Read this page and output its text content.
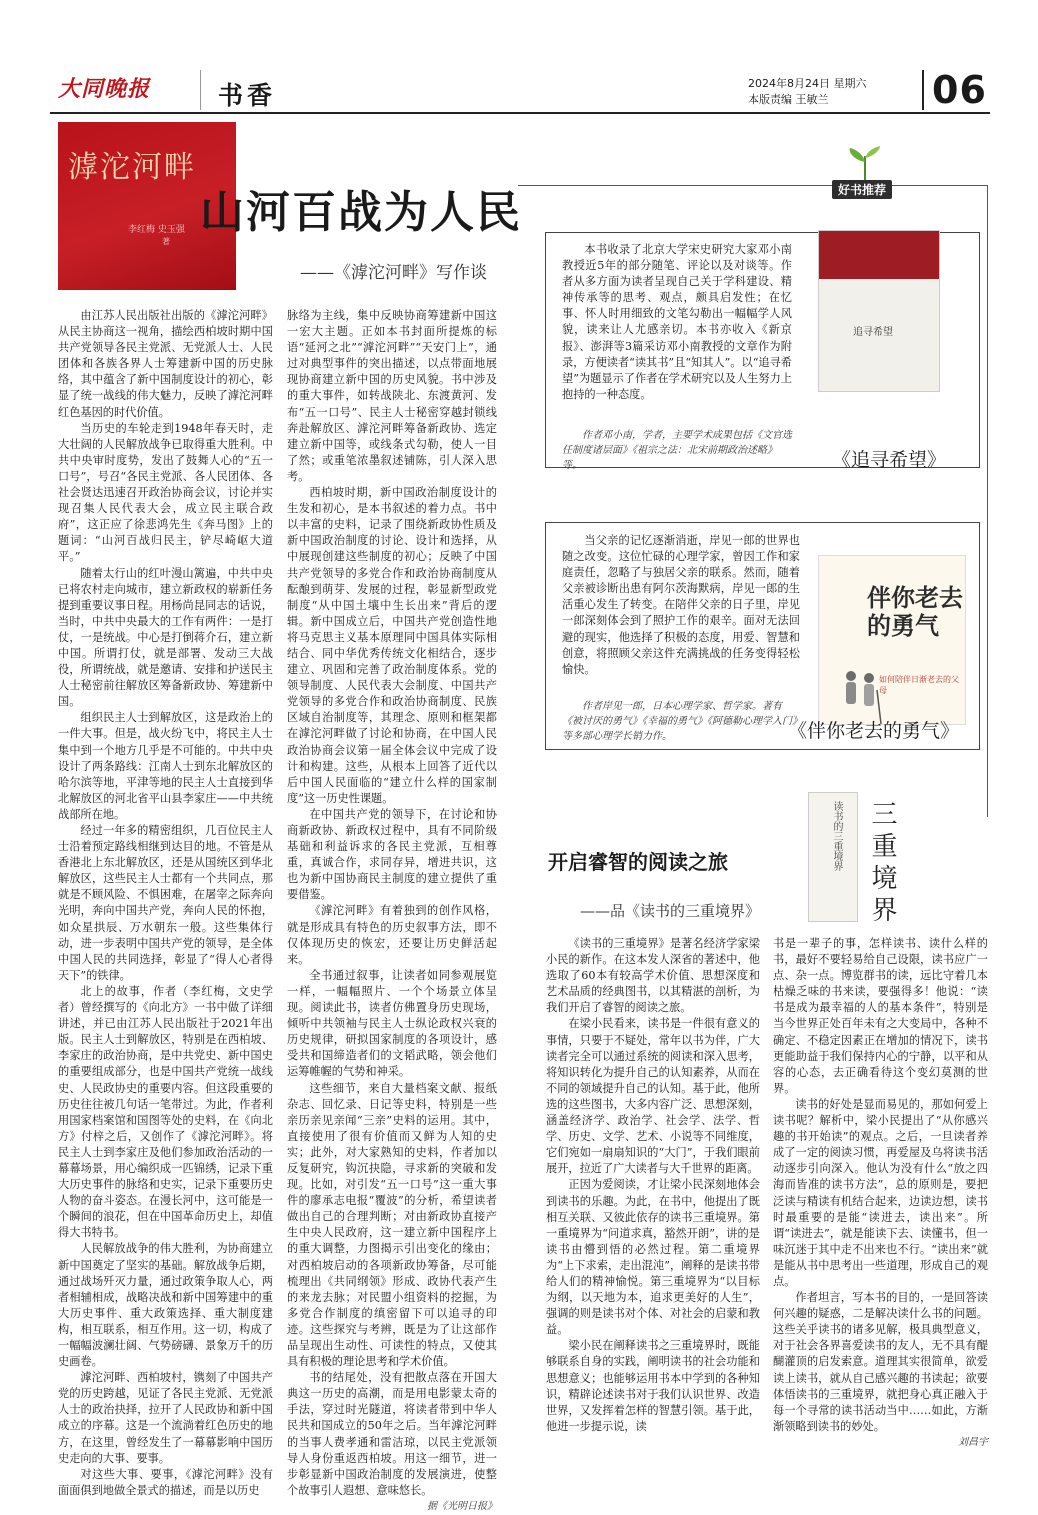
大同晚报	书香	2024年8月24日 星期六
本版责编 王敏兰	06
滹沱河畔
李红梅 史玉强
著
山河百战为人民
——《滹沱河畔》写作谈

由江苏人民出版社出版的《滹沱河畔》从民主协商这一视角，描绘西柏坡时期中国共产党领导各民主党派、无党派人士、人民团体和各族各界人士筹建新中国的历史脉络，其中蕴含了新中国制度设计的初心，彰显了统一战线的伟大魅力，反映了滹沱河畔红色基因的时代价值。

当历史的车轮走到1948年春天时，走大壮阔的人民解放战争已取得重大胜利。中共中央审时度势，发出了鼓舞人心的“五一口号”，号召“各民主党派、各人民团体、各社会贤达迅速召开政治协商会议，讨论并实现召集人民代表大会，成立民主联合政府”，这正应了徐悲鸿先生《奔马图》上的题词：“山河百战归民主，铲尽崎岖大道平。”

随着太行山的红叶漫山篱遍，中共中央已将农村走向城市，建立新政权的崭新任务提到重要议事日程。用杨尚昆同志的话说，当时，中共中央最大的工作有两件：一是打仗，一是统战。中心是打倒蒋介石，建立新中国。所谓打仗，就是部署、发动三大战役，所谓统战，就是邀请、安排和护送民主人士秘密前往解放区筹备新政协、筹建新中国。

组织民主人士到解放区，这是政治上的一件大事。但是，战火纷飞中，将民主人士集中到一个地方几乎是不可能的。中共中央设计了两条路线：江南人士到东北解放区的哈尔滨等地，平津等地的民主人士直接到华北解放区的河北省平山县李家庄——中共统战部所在地。

经过一年多的精密组织，几百位民主人士沿着预定路线相继到达目的地。不管是从香港北上东北解放区，还是从国统区到华北解放区，这些民主人士都有一个共同点，那就是不顾风险、不惧困难，在屠宰之际奔向光明，奔向中国共产党，奔向人民的怀抱，如众星拱辰、万水朝东一般。这些集体行动，进一步表明中国共产党的领导，是全体中国人民的共同选择，彰显了“得人心者得天下”的铁律。

北上的故事，作者（李红梅，文史学者）曾经撰写的《向北方》一书中做了详细讲述，并已由江苏人民出版社于2021年出版。民主人士到解放区，特别是在西柏坡、李家庄的政治协商，是中共党史、新中国史的重要组成部分，也是中国共产党统一战线史、人民政协史的重要内容。但这段重要的历史往往被几句话一笔带过。为此，作者利用国家档案馆和国图等处的史料，在《向北方》付梓之后，又创作了《滹沱河畔》。将民主人士到李家庄及他们参加政治活动的一幕幕场景，用心编织成一匹锦绣，记录下重大历史事件的脉络和史实，记录下重要历史人物的奋斗姿态。在漫长河中，这可能是一个瞬间的浪花，但在中国革命历史上，却值得大书特书。

人民解放战争的伟大胜利，为协商建立新中国奠定了坚实的基础。解放战争后期，通过战场歼灭力量，通过政策争取人心，两者相辅相成，战略决战和新中国筹建中的重大历史事件、重大政策选择、重大制度建构，相互联系，相互作用。这一切，构成了一幅幅波澜壮阔、气势磅礴、景象万千的历史画卷。

滹沱河畔、西柏坡村，镌刻了中国共产党的历史跨越，见证了各民主党派、无党派人士的政治抉择，拉开了人民政协和新中国成立的序幕。这是一个流淌着红色历史的地方，在这里，曾经发生了一幕幕影响中国历史走向的大事、要事。

对这些大事、要事，《滹沱河畔》没有面面俱到地做全景式的描述，而是以历史

脉络为主线，集中反映协商筹建新中国这一宏大主题。正如本书封面所提炼的标语“延河之北”“滹沱河畔”“天安门上”，通过对典型事件的突出描述，以点带面地展现协商建立新中国的历史风貌。书中涉及的重大事件，如转战陕北、东渡黄河、发布“五一口号”、民主人士秘密穿越封锁线奔赴解放区、滹沱河畔筹备新政协、选定建立新中国等，或线条式勾勒，使人一目了然；或重笔浓墨叙述铺陈，引人深入思考。

西柏坡时期，新中国政治制度设计的生发和初心，是本书叙述的着力点。书中以丰富的史料，记录了围绕新政协性质及新中国政治制度的讨论、设计和选择，从中展现创建这些制度的初心；反映了中国共产党领导的多党合作和政治协商制度从酝酿到萌芽、发展的过程，彰显新型政党制度“从中国土壤中生长出来”背后的逻辑。新中国成立后，中国共产党创造性地将马克思主义基本原理同中国具体实际相结合、同中华优秀传统文化相结合，逐步建立、巩固和完善了政治制度体系。党的领导制度、人民代表大会制度、中国共产党领导的多党合作和政治协商制度、民族区域自治制度等，其理念、原则和框架都在滹沱河畔做了讨论和协商，在中国人民政治协商会议第一届全体会议中完成了设计和构建。这些，从根本上回答了近代以后中国人民面临的“建立什么样的国家制度”这一历史性课题。

在中国共产党的领导下，在讨论和协商新政协、新政权过程中，具有不同阶级基础和利益诉求的各民主党派，互相尊重，真诚合作，求同存异，增进共识，这也为新中国协商民主制度的建立提供了重要借鉴。

《滹沱河畔》有着独到的创作风格，就是形成具有特色的历史叙事方法，即不仅体现历史的恢宏，还要让历史鲜活起来。

全书通过叙事，让读者如同参观展览一样，一幅幅照片、一个个场景立体呈现。阅读此书，读者仿佛置身历史现场，倾听中共领袖与民主人士纵论政权兴衰的历史规律，研拟国家制度的各项设计，感受共和国缔造者们的文韬武略，领会他们运筹帷幄的气势和神采。

这些细节，来自大量档案文献、报纸杂志、回忆录、日记等史料，特别是一些亲历亲见亲闻“三亲”史料的运用。其中，直接使用了很有价值而又鲜为人知的史实；此外，对大家熟知的史料，作者加以反复研究，钩沉抉隐，寻求新的突破和发现。比如，对引发“五一口号”这一重大事件的廖承志电报“覆波”的分析，希望读者做出自己的合理判断；对由新政协直接产生中央人民政府，这一建立新中国程序上的重大调整，力图揭示引出变化的缘由；对西柏坡启动的各项新政协筹备，尽可能梳理出《共同纲领》形成、政协代表产生的来龙去脉；对民盟小组资料的挖掘，为多党合作制度的缜密留下可以追寻的印迹。这些探究与考辨，既是为了让这部作品呈现出生动性、可读性的特点，又使其具有积极的理论思考和学术价值。

书的结尾处，没有把散点落在开国大典这一历史的高潮，而是用电影蒙太奇的手法，穿过时光隧道，将读者带到中华人民共和国成立的50年之后。当年滹沱河畔的当事人费孝通和雷洁琼，以民主党派领导人身份重返西柏坡。用这一细节，进一步彰显新中国政治制度的发展演进，使整个故事引人遐想、意味悠长。

据《光明日报》
好书推荐

本书收录了北京大学宋史研究大家邓小南教授近5年的部分随笔、评论以及对谈等。作者从多方面为读者呈现自己关于学科建设、精神传承等的思考、观点，颇具启发性；在忆事、怀人时用细致的文笔勾勒出一幅幅学人风貌，读来让人尤感亲切。本书亦收入《新京报》、澎湃等3篇采访邓小南教授的文章作为附录，方便读者“读其书”且“知其人”。以“追寻希望”为题显示了作者在学术研究以及人生努力上抱持的一种态度。

作者邓小南，学者，主要学术成果包括《文官选任制度诸层面》《祖宗之法：北宋前期政治述略》等。
追寻希望
《追寻希望》

当父亲的记忆逐渐消逝，岸见一郎的世界也随之改变。这位忙碌的心理学家，曾因工作和家庭责任，忽略了与独居父亲的联系。然而，随着父亲被诊断出患有阿尔茨海默病，岸见一郎的生活重心发生了转变。在陪伴父亲的日子里，岸见一郎深刻体会到了照护工作的艰辛。面对无法回避的现实，他选择了积极的态度，用爱、智慧和创意，将照顾父亲这件充满挑战的任务变得轻松愉快。

作者岸见一郎，日本心理学家、哲学家。著有《被讨厌的勇气》《幸福的勇气》《阿德勒心理学入门》等多部心理学长销力作。
伴你老去的勇气
如何陪伴日渐老去的父母
《伴你老去的勇气》
读书的三重境界 三重境界
开启睿智的阅读之旅
——品《读书的三重境界》

《读书的三重境界》是著名经济学家梁小民的新作。在这本发人深省的著述中，他选取了60本有较高学术价值、思想深度和艺术品质的经典图书，以其精湛的剖析，为我们开启了睿智的阅读之旅。

在梁小民看来，读书是一件很有意义的事情，只要于不疑处，常年以书为伴，广大读者完全可以通过系统的阅读和深入思考，将知识转化为提升自己的认知素养，从而在不同的领域提升自己的认知。基于此，他所选的这些图书，大多内容广泛、思想深刻，涵盖经济学、政治学、社会学、法学、哲学、历史、文学、艺术、小说等不同维度，它们宛如一扇扇知识的“大门”，于我们眼前展开，拉近了广大读者与大千世界的距离。

正因为爱阅读，才让梁小民深刻地体会到读书的乐趣。为此，在书中，他提出了既相互关联、又彼此依存的读书三重境界。第一重境界为“问道求真，豁然开朗”，讲的是读书由懵到悟的必然过程。第二重境界为“上下求索，走出混沌”，阐释的是读书带给人们的精神愉悦。第三重境界为“以目标为纲，以天地为本，追求更美好的人生”，强调的则是读书对个体、对社会的启蒙和教益。

梁小民在阐释读书之三重境界时，既能够联系自身的实践，阐明读书的社会功能和思想意义；也能够运用书本中学到的各种知识，精辟论述读书对于我们认识世界、改造世界，又发挥着怎样的智慧引领。基于此，他进一步提示说，读

书是一辈子的事，怎样读书、读什么样的书，最好不要轻易给自己设限，读书应广一点、杂一点。博览群书的读，远比守着几本枯燥乏味的书来读，要强得多！他说：“读书是成为最幸福的人的基本条件”，特别是当今世界正处百年未有之大变局中，各种不确定、不稳定因素正在增加的情况下，读书更能助益于我们保持内心的宁静，以平和从容的心态，去正确看待这个变幻莫测的世界。

读书的好处是显而易见的，那如何爱上读书呢？解析中，梁小民提出了“从你感兴趣的书开始读”的观点。之后，一旦读者养成了一定的阅读习惯，再爱屋及乌将读书活动逐步引向深入。他认为没有什么“放之四海而皆准的读书方法”，总的原则是，要把泛读与精读有机结合起来，边读边想，读书时最重要的是能“读进去，读出来”。所谓“读进去”，就是能读下去、读懂书，但一味沉迷于其中走不出来也不行。“读出来”就是能从书中思考出一些道理，形成自己的观点。

作者坦言，写本书的目的，一是回答读何兴趣的疑惑，二是解决读什么书的问题。这些关乎读书的诸多见解，极具典型意义，对于社会各界喜爱读书的友人，无不具有醍醐灌顶的启发索意。道理其实很简单，欲爱读上读书，就从自己感兴趣的书读起；欲要体悟读书的三重境界，就把身心真正融入于每一个寻常的读书活动当中……如此，方渐渐领略到读书的妙处。

刘昌宇
